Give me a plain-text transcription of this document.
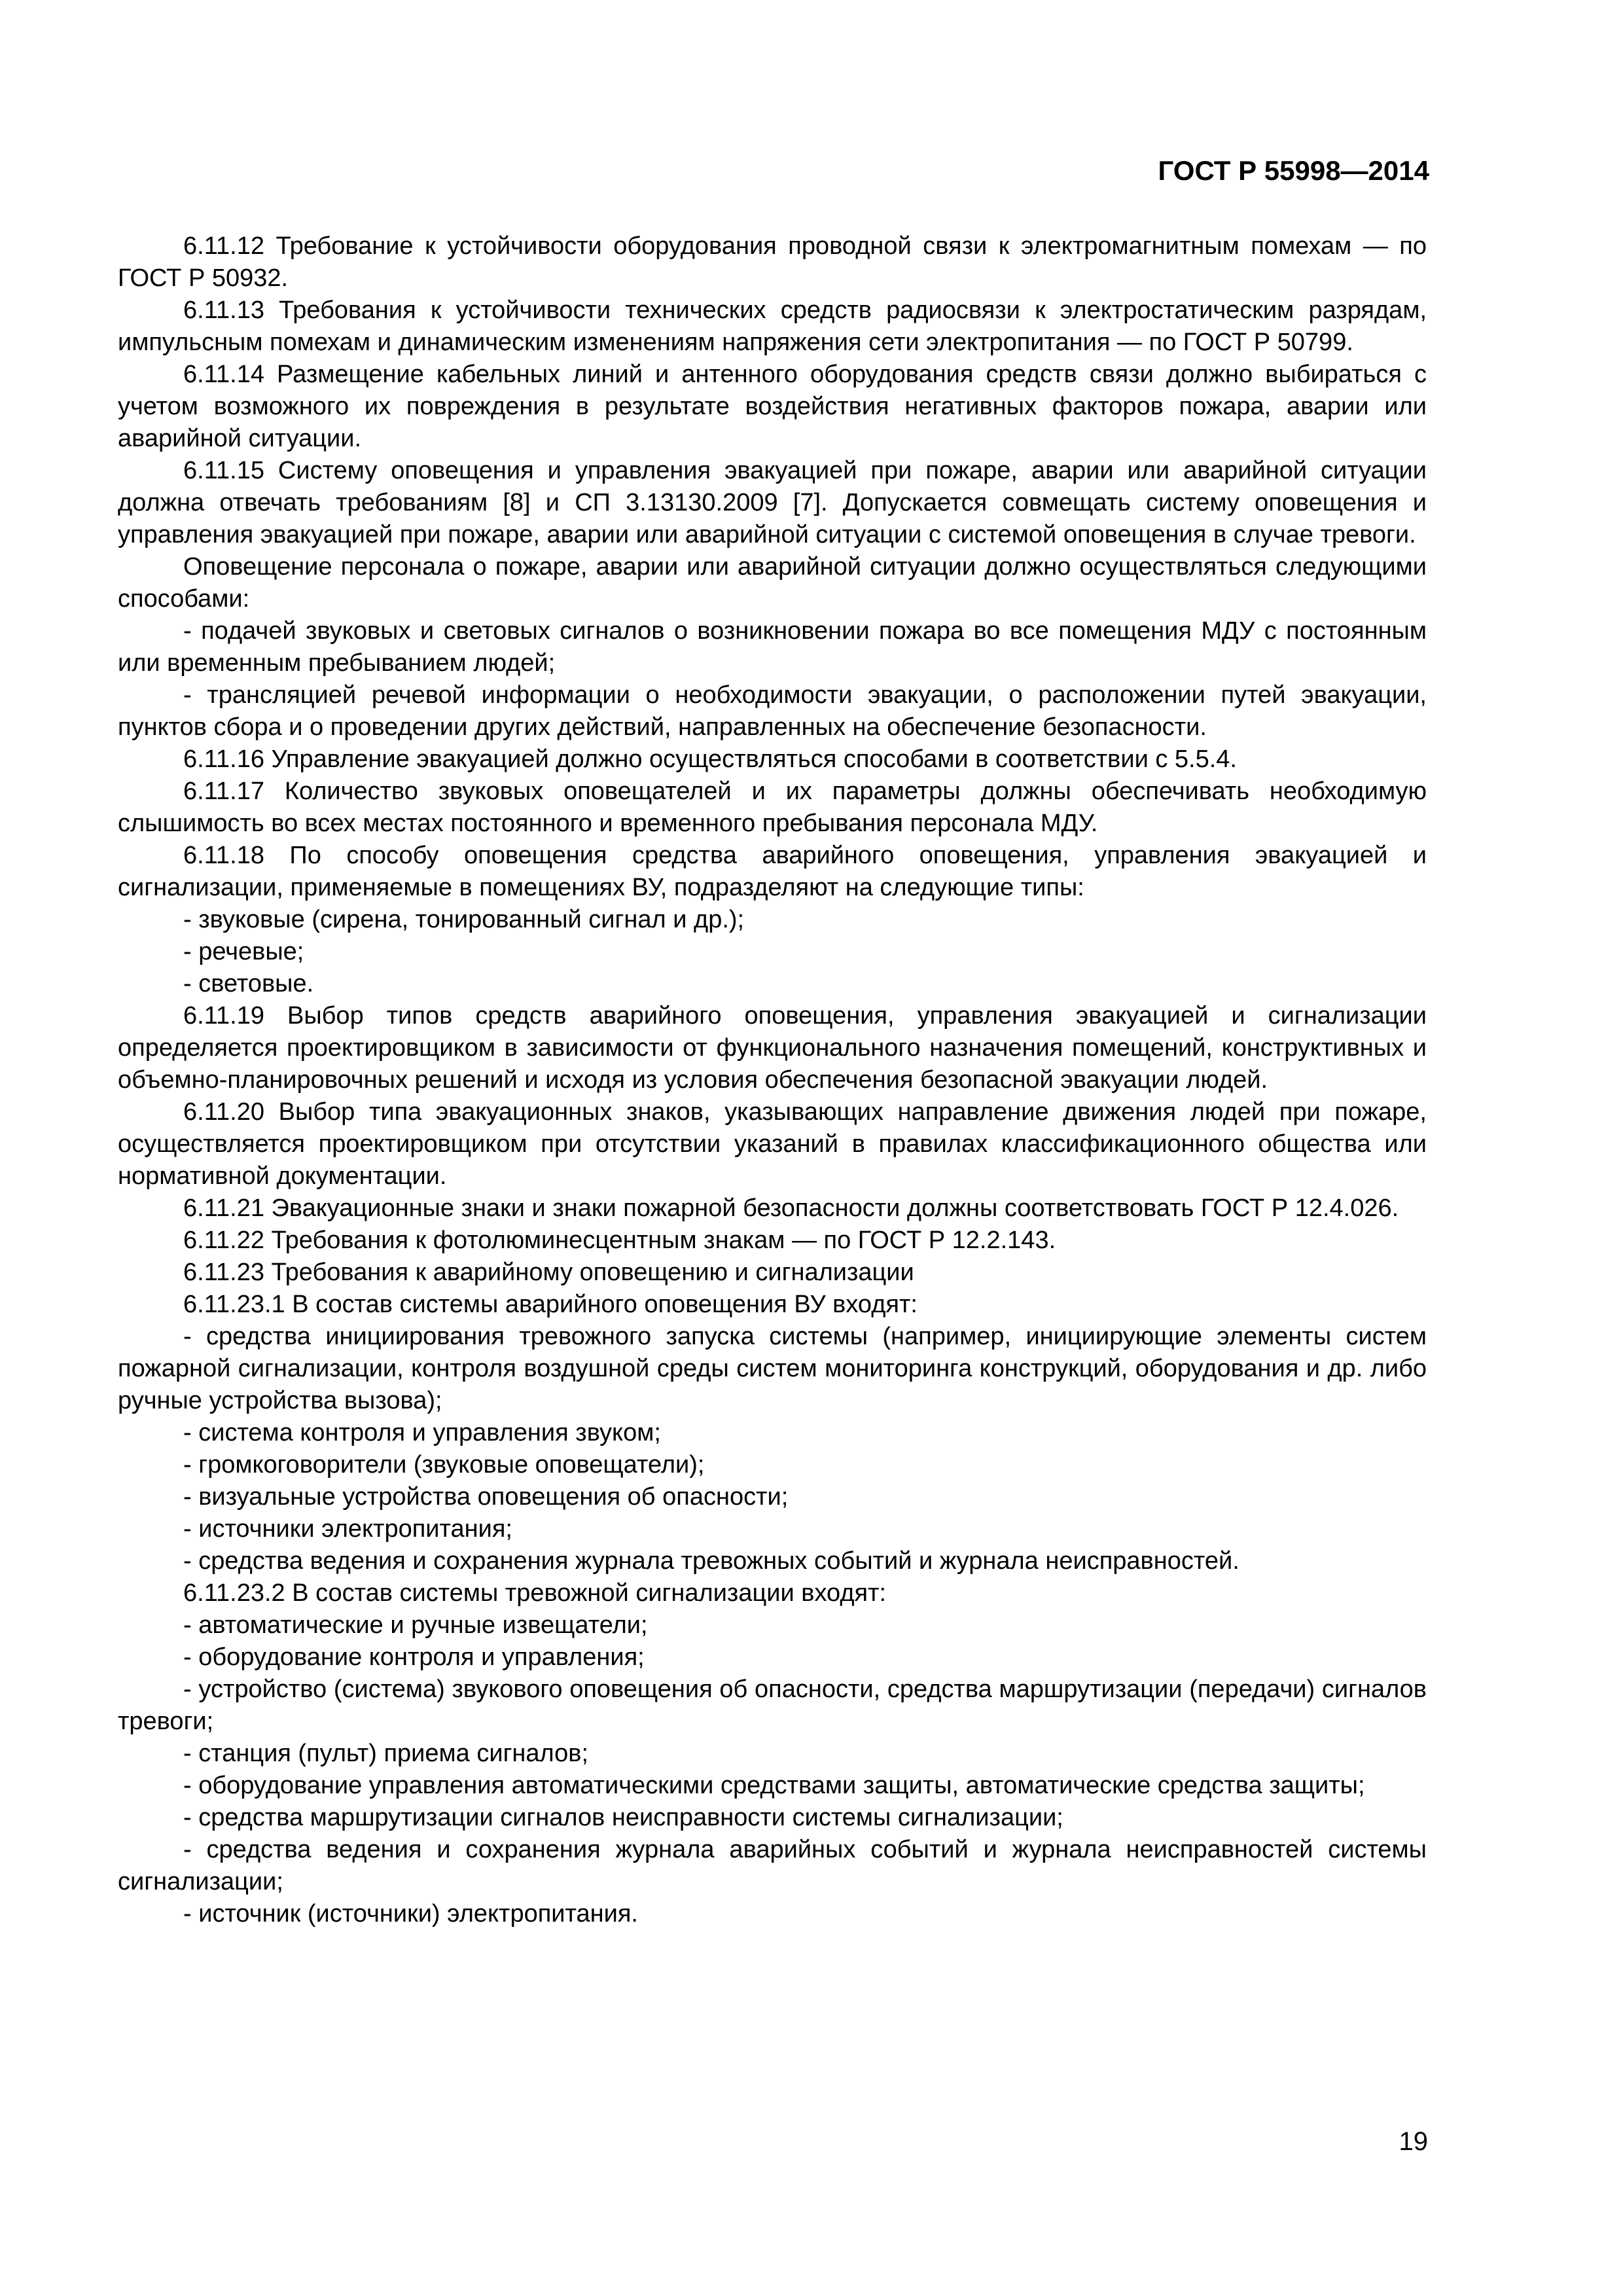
ГОСТ Р 55998—2014

6.11.12 Требование к устойчивости оборудования проводной связи к электромагнитным помехам — по ГОСТ Р 50932.

6.11.13 Требования к устойчивости технических средств радиосвязи к электростатическим разрядам, импульсным помехам и динамическим изменениям напряжения сети электропитания — по ГОСТ Р 50799.

6.11.14 Размещение кабельных линий и антенного оборудования средств связи должно выбираться с учетом возможного их повреждения в результате воздействия негативных факторов пожара, аварии или аварийной ситуации.

6.11.15 Систему оповещения и управления эвакуацией при пожаре, аварии или аварийной ситуации должна отвечать требованиям [8] и СП 3.13130.2009 [7]. Допускается совмещать систему оповещения и управления эвакуацией при пожаре, аварии или аварийной ситуации с системой оповещения в случае тревоги.

Оповещение персонала о пожаре, аварии или аварийной ситуации должно осуществляться следующими способами:

- подачей звуковых и световых сигналов о возникновении пожара во все помещения МДУ с постоянным или временным пребыванием людей;

- трансляцией речевой информации о необходимости эвакуации, о расположении путей эвакуации, пунктов сбора и о проведении других действий, направленных на обеспечение безопасности.

6.11.16 Управление эвакуацией должно осуществляться способами в соответствии с 5.5.4.

6.11.17 Количество звуковых оповещателей и их параметры должны обеспечивать необходимую слышимость во всех местах постоянного и временного пребывания персонала МДУ.

6.11.18 По способу оповещения средства аварийного оповещения, управления эвакуацией и сигнализации, применяемые в помещениях ВУ, подразделяют на следующие типы:

- звуковые (сирена, тонированный сигнал и др.);

- речевые;

- световые.

6.11.19 Выбор типов средств аварийного оповещения, управления эвакуацией и сигнализации определяется проектировщиком в зависимости от функционального назначения помещений, конструктивных и объемно-планировочных решений и исходя из условия обеспечения безопасной эвакуации людей.

6.11.20 Выбор типа эвакуационных знаков, указывающих направление движения людей при пожаре, осуществляется проектировщиком при отсутствии указаний в правилах классификационного общества или нормативной документации.

6.11.21 Эвакуационные знаки и знаки пожарной безопасности должны соответствовать ГОСТ Р 12.4.026.

6.11.22 Требования к фотолюминесцентным знакам — по ГОСТ Р 12.2.143.

6.11.23 Требования к аварийному оповещению и сигнализации

6.11.23.1 В состав системы аварийного оповещения ВУ входят:

- средства инициирования тревожного запуска системы (например, инициирующие элементы систем пожарной сигнализации, контроля воздушной среды систем мониторинга конструкций, оборудования и др. либо ручные устройства вызова);

- система контроля и управления звуком;

- громкоговорители (звуковые оповещатели);

- визуальные устройства оповещения об опасности;

- источники электропитания;

- средства ведения и сохранения журнала тревожных событий и журнала неисправностей.

6.11.23.2 В состав системы тревожной сигнализации входят:

- автоматические и ручные извещатели;

- оборудование контроля и управления;

- устройство (система) звукового оповещения об опасности, средства маршрутизации (передачи) сигналов тревоги;

- станция (пульт) приема сигналов;

- оборудование управления автоматическими средствами защиты, автоматические средства защиты;

- средства маршрутизации сигналов неисправности системы сигнализации;

- средства ведения и сохранения журнала аварийных событий и журнала неисправностей системы сигнализации;

- источник (источники) электропитания.

19
